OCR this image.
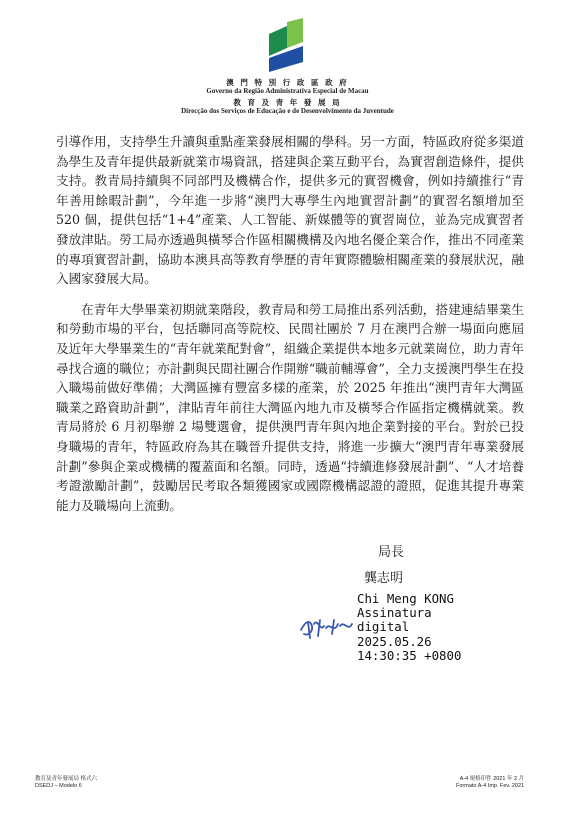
澳 門 特 別 行 政 區 政 府
Governo da Região Administrativa Especial de Macau
教 育 及 青 年 發 展 局
Direcção dos Serviços de Educação e de Desenvolvimento da Juventude

引導作用，支持學生升讀與重點產業發展相關的學科。另一方面，特區政府從多渠道為學生及青年提供最新就業市場資訊，搭建與企業互動平台，為實習創造條件，提供支持。教青局持續與不同部門及機構合作，提供多元的實習機會，例如持續推行“青年善用餘暇計劃”，今年進一步將“澳門大專學生內地實習計劃”的實習名額增加至 520 個，提供包括“1+4”產業、人工智能、新媒體等的實習崗位，並為完成實習者發放津貼。勞工局亦透過與橫琴合作區相關機構及內地名優企業合作，推出不同產業的專項實習計劃，協助本澳具高等教育學歷的青年實際體驗相關產業的發展狀況，融入國家發展大局。

在青年大學畢業初期就業階段，教青局和勞工局推出系列活動，搭建連結畢業生和勞動市場的平台，包括聯同高等院校、民間社團於 7 月在澳門合辦一場面向應屆及近年大學畢業生的“青年就業配對會”，組織企業提供本地多元就業崗位，助力青年尋找合適的職位；亦計劃與民間社團合作開辦“職前輔導會”，全力支援澳門學生在投入職場前做好準備；大灣區擁有豐富多樣的產業，於 2025 年推出“澳門青年大灣區職業之路資助計劃”，津貼青年前往大灣區內地九市及橫琴合作區指定機構就業。教青局將於 6 月初舉辦 2 場雙選會，提供澳門青年與內地企業對接的平台。對於已投身職場的青年，特區政府為其在職晉升提供支持，將進一步擴大“澳門青年專業發展計劃”參與企業或機構的覆蓋面和名額。同時，透過“持續進修發展計劃”、“人才培養考證激勵計劃”，鼓勵居民考取各類獲國家或國際機構認證的證照，促進其提升專業能力及職場向上流動。

局長
龔志明
Chi Meng KONG
Assinatura
digital
2025.05.26
14:30:35 +0800
教育及青年發展局 格式六
DSEDJ – Modelo 6
A-4 規格印件 2021 年 2 月
Formato A-4 Imp. Fev. 2021
